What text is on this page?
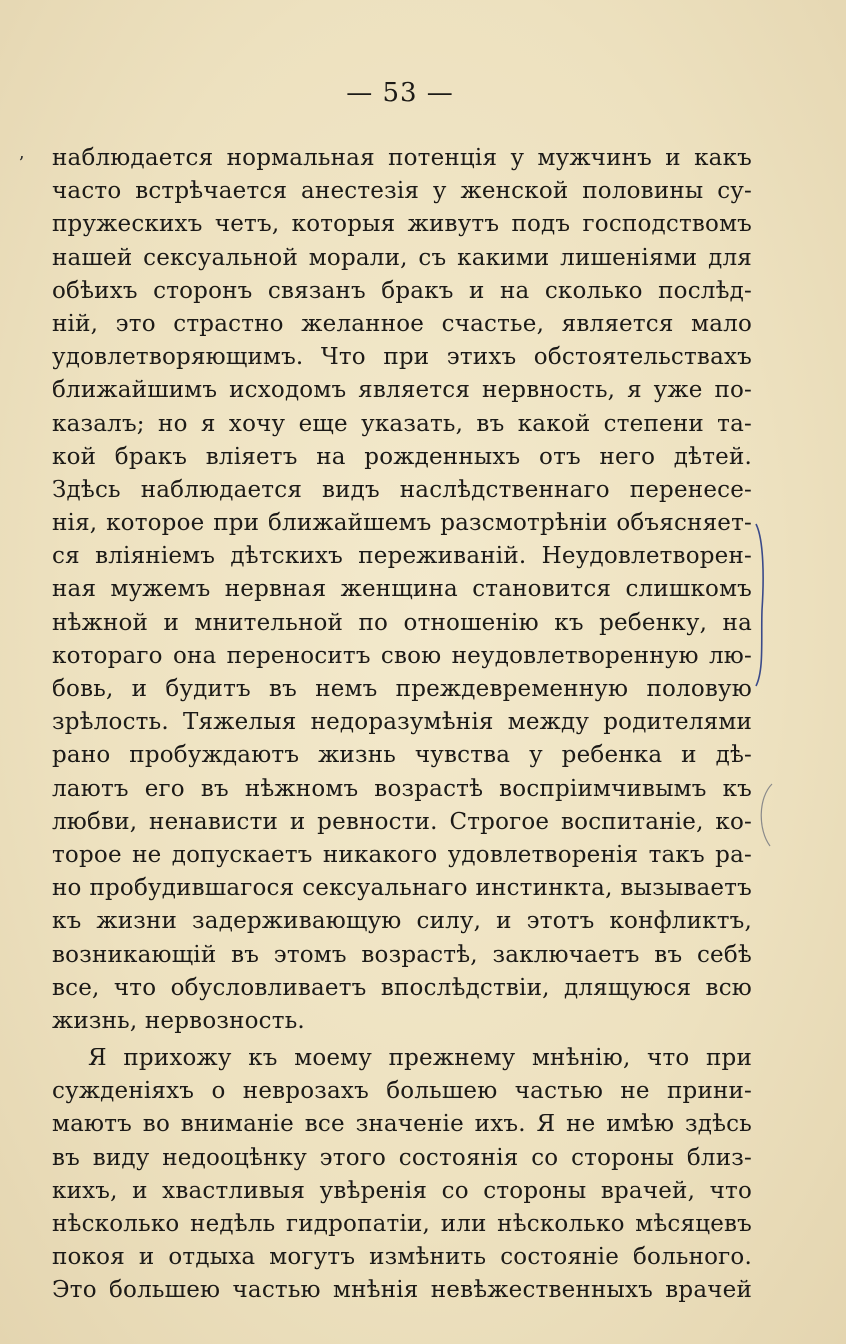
— 53 —
ʼ наблюдается нормальная потенція у мужчинъ и какъ
часто встрѣчается анестезія у женской половины су-
пружескихъ четъ, которыя живутъ подъ господствомъ
нашей сексуальной морали, съ какими лишеніями для
обѣихъ сторонъ связанъ бракъ и на сколько послѣд-
ній, это страстно желанное счастье, является мало
удовлетворяющимъ. Что при этихъ обстоятельствахъ
ближайшимъ исходомъ является нервность, я уже по-
казалъ; но я хочу еще указать, въ какой степени та-
кой бракъ вліяетъ на рожденныхъ отъ него дѣтей.
Здѣсь наблюдается видъ наслѣдственнаго перенесе-
нія, которое при ближайшемъ разсмотрѣніи объясняет-
ся вліяніемъ дѣтскихъ переживаній. Неудовлетворен-
ная мужемъ нервная женщина становится слишкомъ
нѣжной и мнительной по отношенію къ ребенку, на
котораго она переноситъ свою неудовлетворенную лю-
бовь, и будитъ въ немъ преждевременную половую
зрѣлость. Тяжелыя недоразумѣнія между родителями
рано пробуждаютъ жизнь чувства у ребенка и дѣ-
лаютъ его въ нѣжномъ возрастѣ воспріимчивымъ къ
любви, ненависти и ревности. Строгое воспитаніе, ко-
торое не допускаетъ никакого удовлетворенія такъ ра-
но пробудившагося сексуальнаго инстинкта, вызываетъ
къ жизни задерживающую силу, и этотъ конфликтъ,
возникающій въ этомъ возрастѣ, заключаетъ въ себѣ
все, что обусловливаетъ впослѣдствіи, длящуюся всю
жизнь, нервозность.
Я прихожу къ моему прежнему мнѣнію, что при
сужденіяхъ о неврозахъ большею частью не прини-
маютъ во вниманіе все значеніе ихъ. Я не имѣю здѣсь
въ виду недооцѣнку этого состоянія со стороны близ-
кихъ, и хвастливыя увѣренія со стороны врачей, что
нѣсколько недѣль гидропатіи, или нѣсколько мѣсяцевъ
покоя и отдыха могутъ измѣнить состояніе больного.
Это большею частью мнѣнія невѣжественныхъ врачей
